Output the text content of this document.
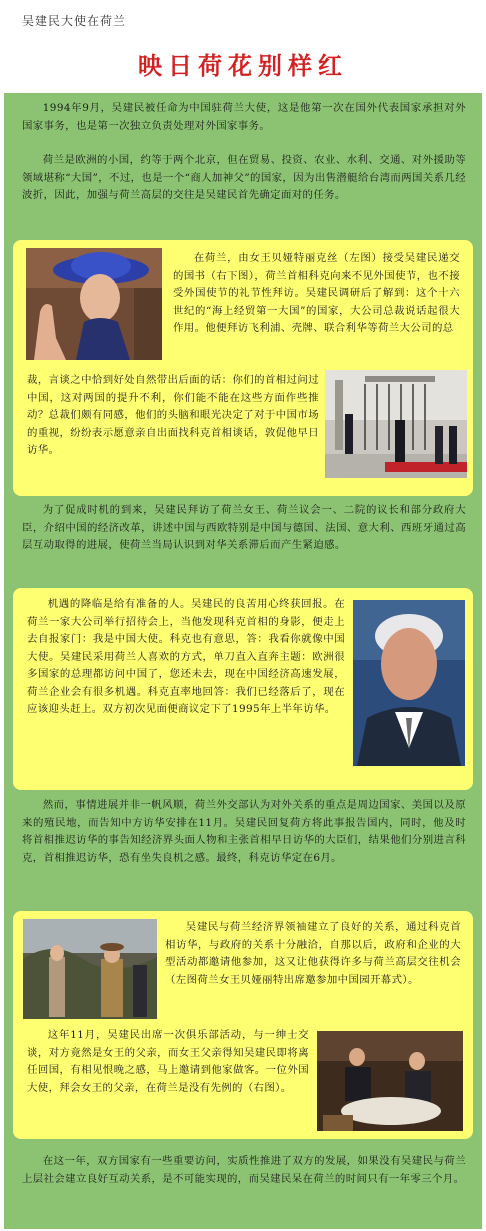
吴建民大使在荷兰
映日荷花别样红

1994年9月，吴建民被任命为中国驻荷兰大使，这是他第一次在国外代表国家承担对外国家事务，也是第一次独立负责处理对外国家事务。

荷兰是欧洲的小国，约等于两个北京，但在贸易、投资、农业、水利、交通、对外援助等领域堪称“大国”，不过，也是一个“商人加神父”的国家，因为出售潜艇给台湾而两国关系几经波折，因此，加强与荷兰高层的交往是吴建民首先确定面对的任务。

在荷兰，由女王贝娅特丽克丝（左图）接受吴建民递交的国书（右下图），荷兰首相科克向来不见外国使节，也不接受外国使节的礼节性拜访。吴建民调研后了解到：这个十六世纪的“海上经贸第一大国”的国家，大公司总裁说话起很大作用。他便拜访飞利浦、壳牌、联合利华等荷兰大公司的总

裁，言谈之中恰到好处自然带出后面的话：你们的首相过问过中国，这对两国的提升不利，你们能不能在这些方面作些推动？总裁们颇有同感，他们的头脑和眼光决定了对于中国市场的重视，纷纷表示愿意亲自出面找科克首相谈话，敦促他早日访华。

为了促成时机的到来，吴建民拜访了荷兰女王、荷兰议会一、二院的议长和部分政府大臣，介绍中国的经济改革，讲述中国与西欧特别是中国与德国、法国、意大利、西班牙通过高层互动取得的进展，使荷兰当局认识到对华关系滞后而产生紧迫感。

机遇的降临是给有准备的人。吴建民的良苦用心终获回报。在荷兰一家大公司举行招待会上，当他发现科克首相的身影，便走上去自报家门：我是中国大使。科克也有意思，答：我看你就像中国大使。吴建民采用荷兰人喜欢的方式，单刀直入直奔主题：欧洲很多国家的总理都访问中国了，您还未去，现在中国经济高速发展，荷兰企业会有很多机遇。科克直率地回答：我们已经落后了，现在应该迎头赶上。双方初次见面便商议定下了1995年上半年访华。

然而，事情进展并非一帆风顺，荷兰外交部认为对外关系的重点是周边国家、美国以及原来的殖民地，而告知中方访华安排在11月。吴建民回复荷方将此事报告国内，同时，他及时将首相推迟访华的事告知经济界头面人物和主张首相早日访华的大臣们，结果他们分别进言科克，首相推迟访华，恐有坐失良机之感。最终，科克访华定在6月。

吴建民与荷兰经济界领袖建立了良好的关系，通过科克首相访华，与政府的关系十分融洽，自那以后，政府和企业的大型活动都邀请他参加，这又让他获得许多与荷兰高层交往机会（左图荷兰女王贝娅丽特出席邀参加中国园开幕式）。

这年11月，吴建民出席一次俱乐部活动，与一绅士交谈，对方竟然是女王的父亲，而女王父亲得知吴建民即将离任回国，有相见恨晚之感，马上邀请到他家做客。一位外国大使，拜会女王的父亲，在荷兰是没有先例的（右图）。

在这一年，双方国家有一些重要访问，实质性推进了双方的发展，如果没有吴建民与荷兰上层社会建立良好互动关系，是不可能实现的，而吴建民呆在荷兰的时间只有一年零三个月。
